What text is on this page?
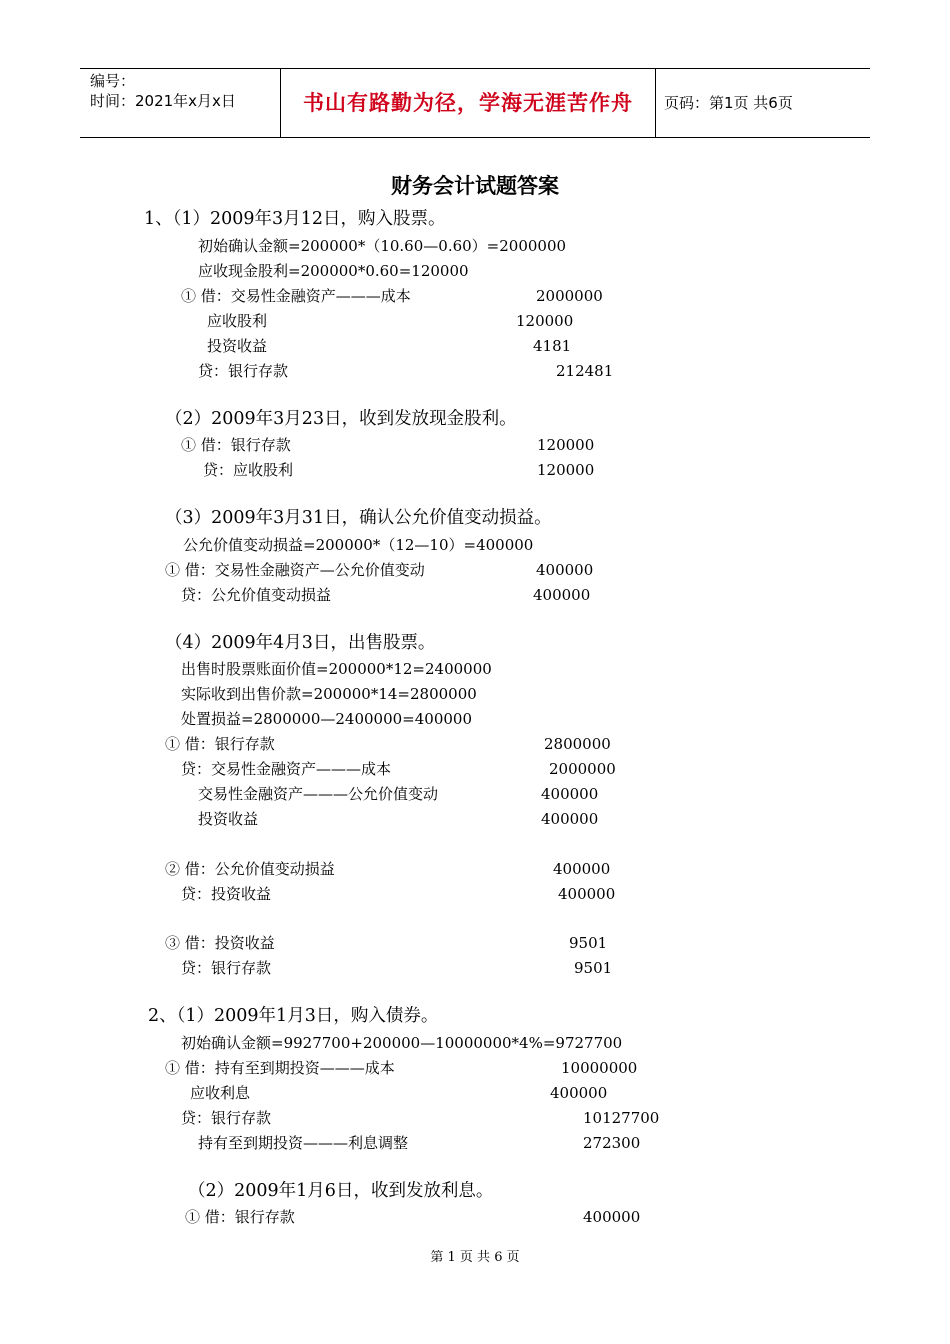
编号：
时间：2021年x月x日	书山有路勤为径，学海无涯苦作舟	页码：第1页 共6页
财务会计试题答案
1、（1）2009年3月12日，购入股票。
初始确认金额=200000*（10.60—0.60）=2000000
应收现金股利=200000*0.60=120000
① 借：交易性金融资产———成本	2000000
应收股利	120000
投资收益	4181
贷：银行存款	212481
（2）2009年3月23日，收到发放现金股利。
① 借：银行存款	120000
贷：应收股利	120000
（3）2009年3月31日，确认公允价值变动损益。
公允价值变动损益=200000*（12—10）=400000
① 借：交易性金融资产—公允价值变动	400000
贷：公允价值变动损益	400000
（4）2009年4月3日，出售股票。
出售时股票账面价值=200000*12=2400000
实际收到出售价款=200000*14=2800000
处置损益=2800000—2400000=400000
① 借：银行存款	2800000
贷：交易性金融资产———成本	2000000
交易性金融资产———公允价值变动	400000
投资收益	400000
② 借：公允价值变动损益	400000
贷：投资收益	400000
③ 借：投资收益	9501
贷：银行存款	9501
2、（1）2009年1月3日，购入债券。
初始确认金额=9927700+200000—10000000*4%=9727700
① 借：持有至到期投资———成本	10000000
应收利息	400000
贷：银行存款	10127700
持有至到期投资———利息调整	272300
（2）2009年1月6日，收到发放利息。
① 借：银行存款	400000
第 1 页 共 6 页
